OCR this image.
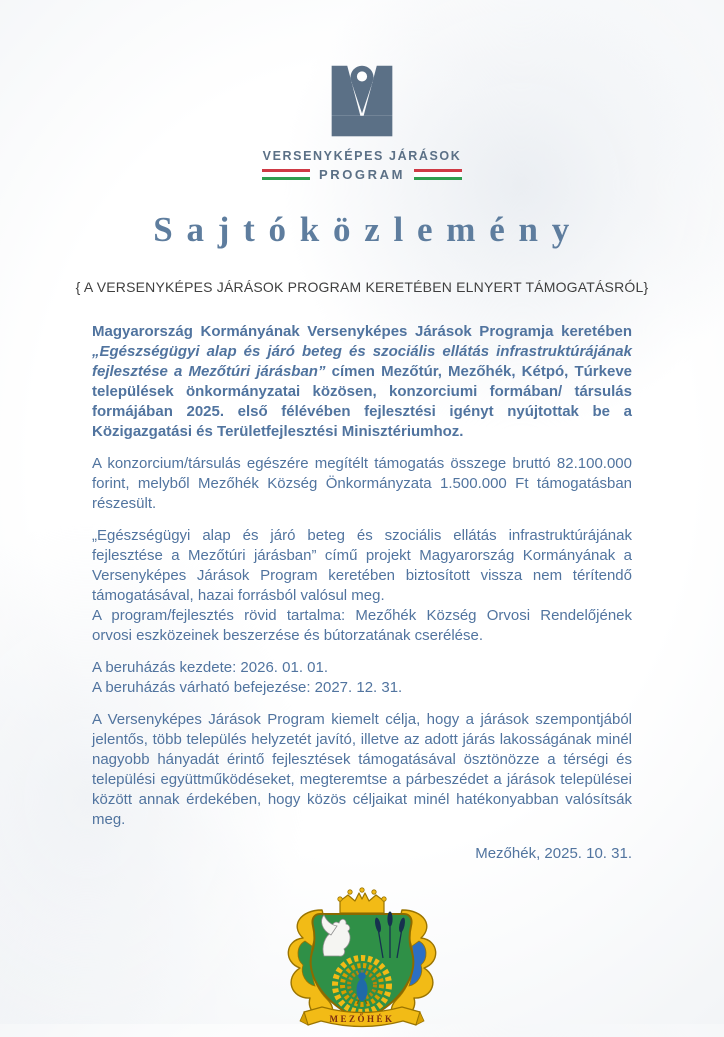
VERSENYKÉPES JÁRÁSOK
PROGRAM
S a j t ó k ö z l e m é n y
{ A VERSENYKÉPES JÁRÁSOK PROGRAM KERETÉBEN ELNYERT TÁMOGATÁSRÓL}

Magyarország Kormányának Versenyképes Járások Programja keretében „Egészségügyi alap és járó beteg és szociális ellátás infrastruktúrájának fejlesztése a Mezőtúri járásban” címen Mezőtúr, Mezőhék, Kétpó, Túrkeve települések önkormányzatai közösen, konzorciumi formában/ társulás formájában 2025. első félévében fejlesztési igényt nyújtottak be a Közigazgatási és Területfejlesztési Minisztériumhoz.

A konzorcium/társulás egészére megítélt támogatás összege bruttó 82.100.000 forint, melyből Mezőhék Község Önkormányzata 1.500.000 Ft támogatásban részesült.

„Egészségügyi alap és járó beteg és szociális ellátás infrastruktúrájának fejlesztése a Mezőtúri járásban” című projekt Magyarország Kormányának a Versenyképes Járások Program keretében biztosított vissza nem térítendő támogatásával, hazai forrásból valósul meg.
A program/fejlesztés rövid tartalma: Mezőhék Község Orvosi Rendelőjének orvosi eszközeinek beszerzése és bútorzatának cserélése.

A beruházás kezdete: 2026. 01. 01.
A beruházás várható befejezése: 2027. 12. 31.

A Versenyképes Járások Program kiemelt célja, hogy a járások szempontjából jelentős, több település helyzetét javító, illetve az adott járás lakosságának minél nagyobb hányadát érintő fejlesztések támogatásával ösztönözze a térségi és települési együttműködéseket, megteremtse a párbeszédet a járások települései között annak érdekében, hogy közös céljaikat minél hatékonyabban valósítsák meg.

Mezőhék, 2025. 10. 31.

MEZŐHÉK
